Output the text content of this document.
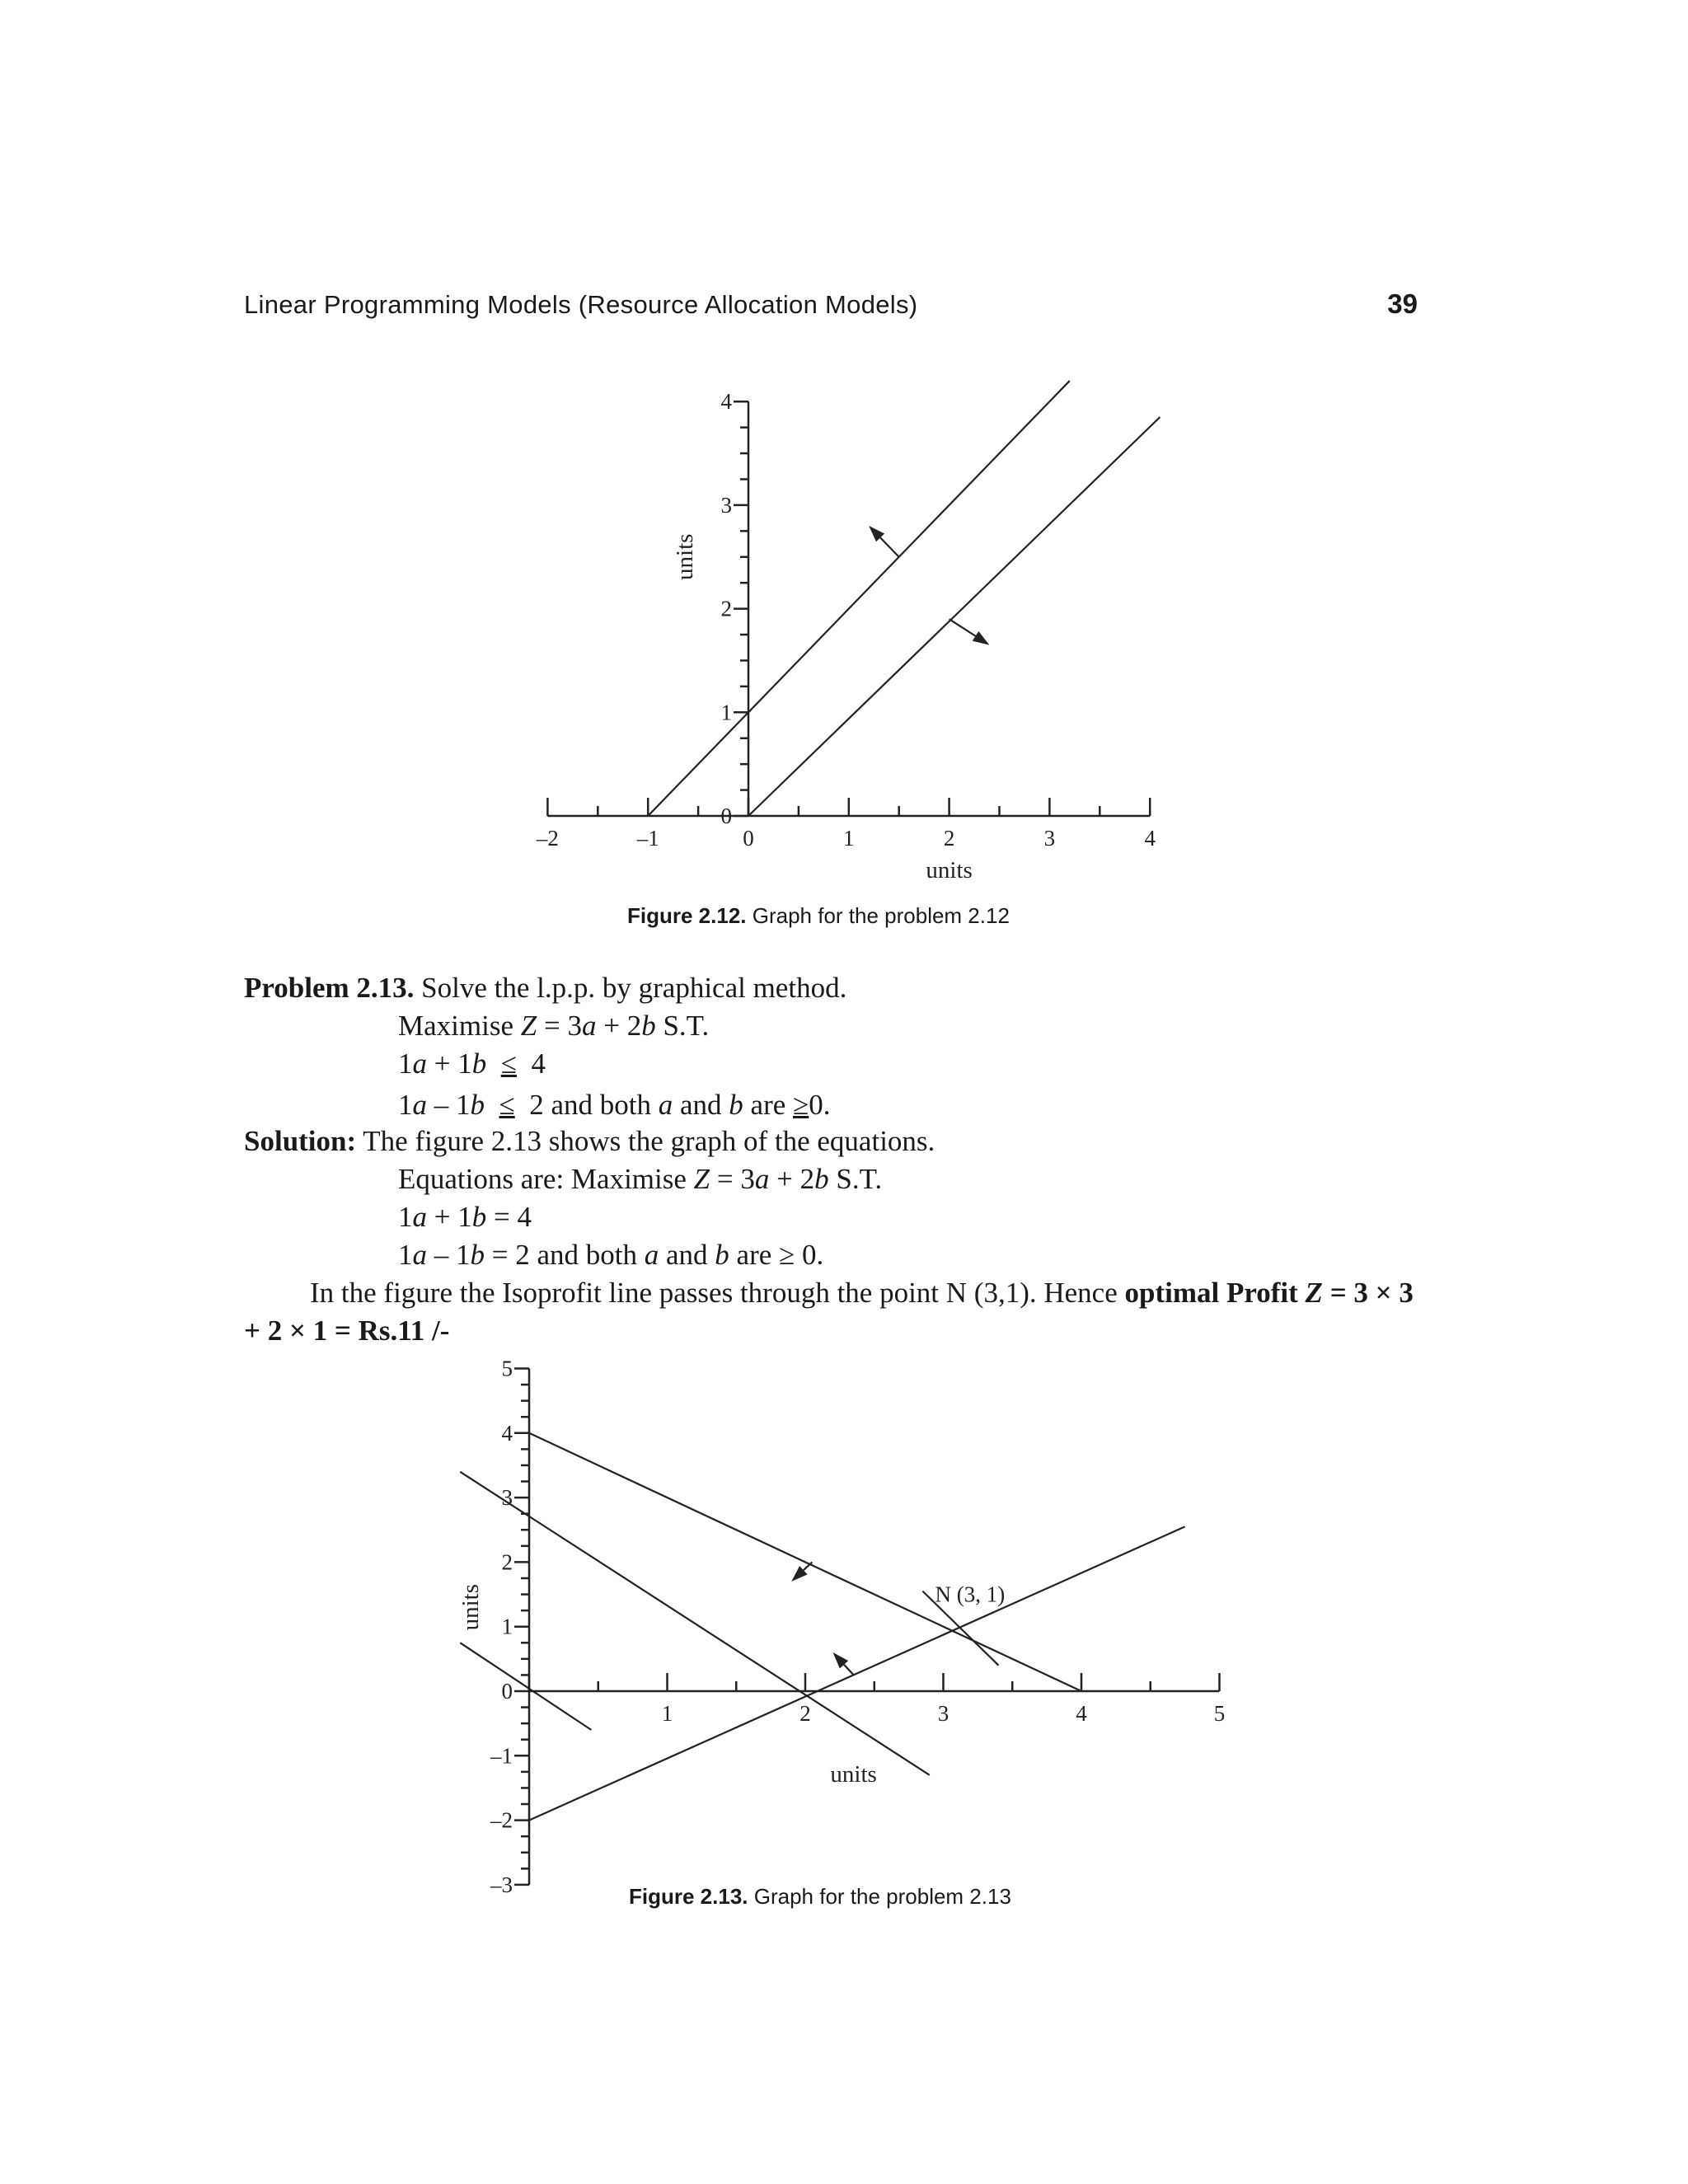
Linear Programming Models (Resource Allocation Models)	39
–2	–1	0	1	2	3	4
0
1
2
3
4
units
units
Figure 2.12. Graph for the problem 2.12
Problem 2.13. Solve the l.p.p. by graphical method.
Maximise Z = 3a + 2b S.T.
1a + 1b ≤ 4
1a – 1b ≤ 2 and both a and b are ≥0.
Solution: The figure 2.13 shows the graph of the equations.
Equations are: Maximise Z = 3a + 2b S.T.
1a + 1b = 4
1a – 1b = 2 and both a and b are ≥ 0.
In the figure the Isoprofit line passes through the point N (3,1). Hence optimal Profit Z = 3 × 3
+ 2 × 1 = Rs.11 /-
1	2	3	4	5
–3
–2
–1
0
1
2
3
4
5
units
units	N (3, 1)
Figure 2.13. Graph for the problem 2.13
